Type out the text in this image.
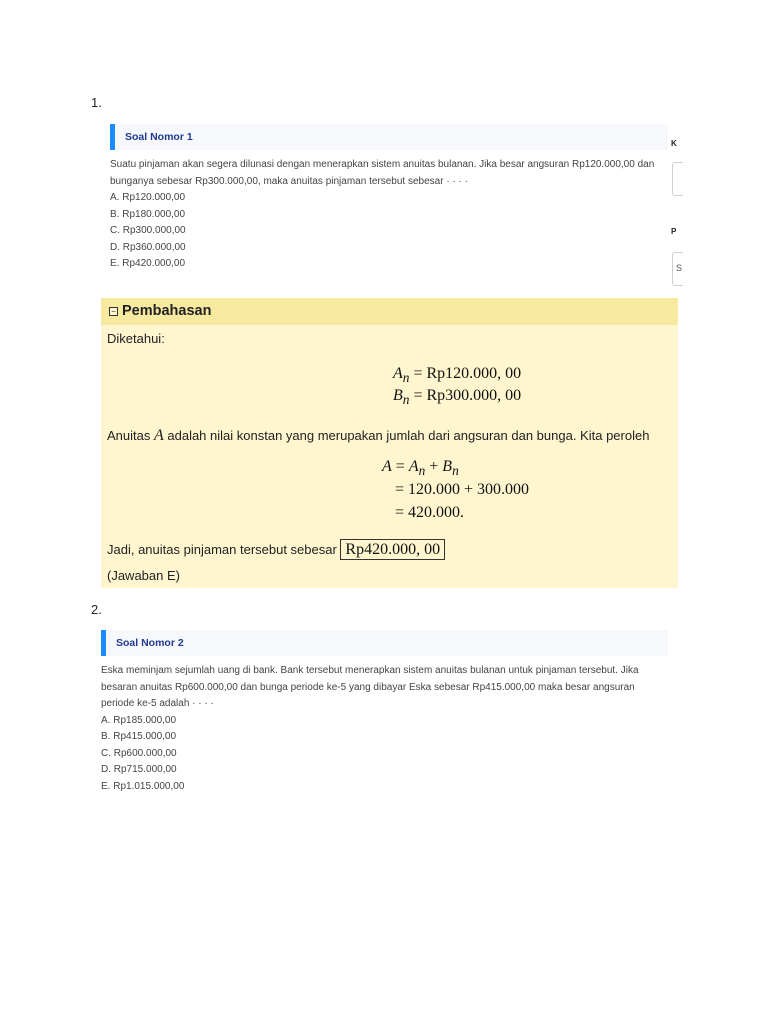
1.
Soal Nomor 1

Suatu pinjaman akan segera dilunasi dengan menerapkan sistem anuitas bulanan. Jika besar angsuran Rp120.000,00 dan

bunganya sebesar Rp300.000,00, maka anuitas pinjaman tersebut sebesar · · · ·

A. Rp120.000,00
B. Rp180.000,00
C. Rp300.000,00
D. Rp360.000,00
E. Rp420.000,00
K
P
S
− Pembahasan
Diketahui:
$A_n = Rp120.000$, 00
$B_n = Rp300.000$, 00
Anuitas A adalah nilai konstan yang merupakan jumlah dari angsuran dan bunga. Kita peroleh
$A = A_n + B_n$
= 120.000 + 300.000
= 420.000.
Jadi, anuitas pinjaman tersebut sebesar Rp420.000, 00
(Jawaban E)
2.
Soal Nomor 2

Eska meminjam sejumlah uang di bank. Bank tersebut menerapkan sistem anuitas bulanan untuk pinjaman tersebut. Jika

besaran anuitas Rp600.000,00 dan bunga periode ke-5 yang dibayar Eska sebesar Rp415.000,00 maka besar angsuran

periode ke-5 adalah · · · ·

A. Rp185.000,00
B. Rp415.000,00
C. Rp600.000,00
D. Rp715.000,00
E. Rp1.015.000,00
